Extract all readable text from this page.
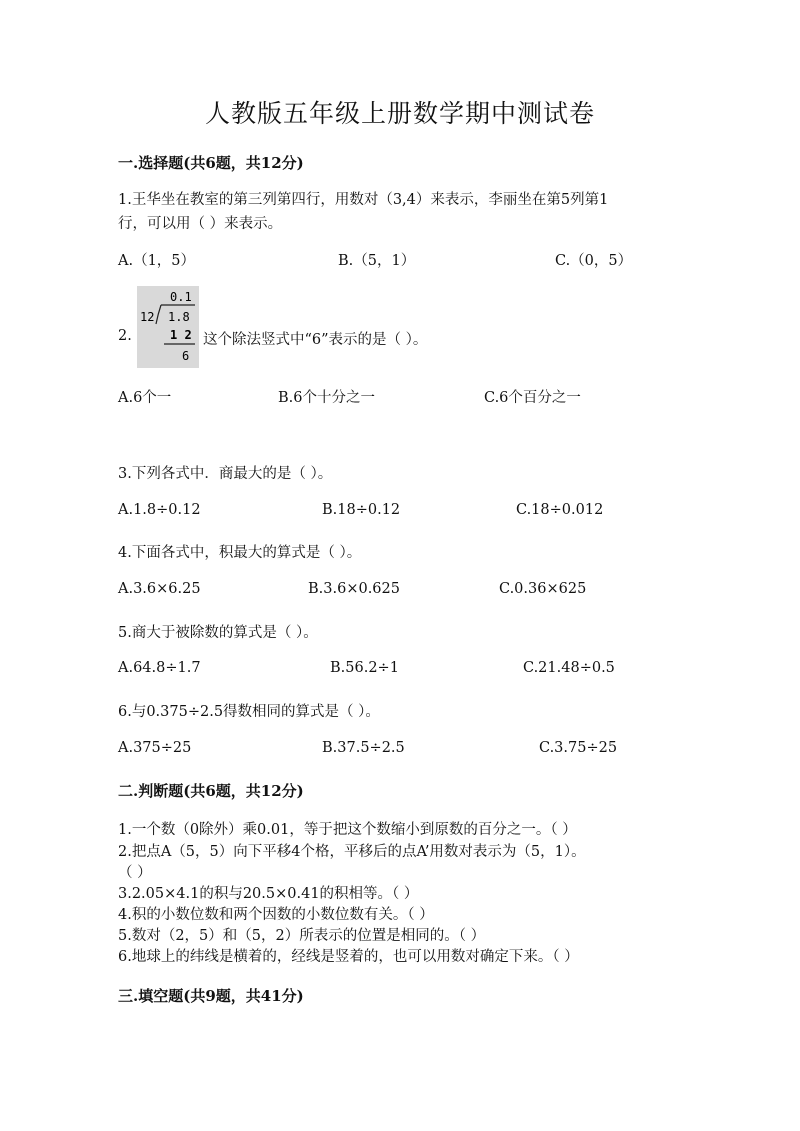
人教版五年级上册数学期中测试卷
一.选择题(共6题，共12分)
1.王华坐在教室的第三列第四行，用数对（3,4）来表示，李丽坐在第5列第1
行，可以用（ ）来表示。
A.（1，5）	B.（5，1）	C.（0，5）
2.
0.1
12 1.8
1 2
6
这个除法竖式中“6”表示的是（ ）。
A.6个一	B.6个十分之一	C.6个百分之一
3.下列各式中．商最大的是（ ）。
A.1.8÷0.12	B.18÷0.12	C.18÷0.012
4.下面各式中，积最大的算式是（ ）。
A.3.6×6.25	B.3.6×0.625	C.0.36×625
5.商大于被除数的算式是（ ）。
A.64.8÷1.7	B.56.2÷1	C.21.48÷0.5
6.与0.375÷2.5得数相同的算式是（ ）。
A.375÷25	B.37.5÷2.5	C.3.75÷25
二.判断题(共6题，共12分)
1.一个数（0除外）乘0.01，等于把这个数缩小到原数的百分之一。（ ）
2.把点A（5，5）向下平移4个格，平移后的点A’用数对表示为（5，1）。
（ ）
3.2.05×4.1的积与20.5×0.41的积相等。（ ）
4.积的小数位数和两个因数的小数位数有关。（ ）
5.数对（2，5）和（5，2）所表示的位置是相同的。（ ）
6.地球上的纬线是横着的，经线是竖着的，也可以用数对确定下来。（ ）
三.填空题(共9题，共41分)
